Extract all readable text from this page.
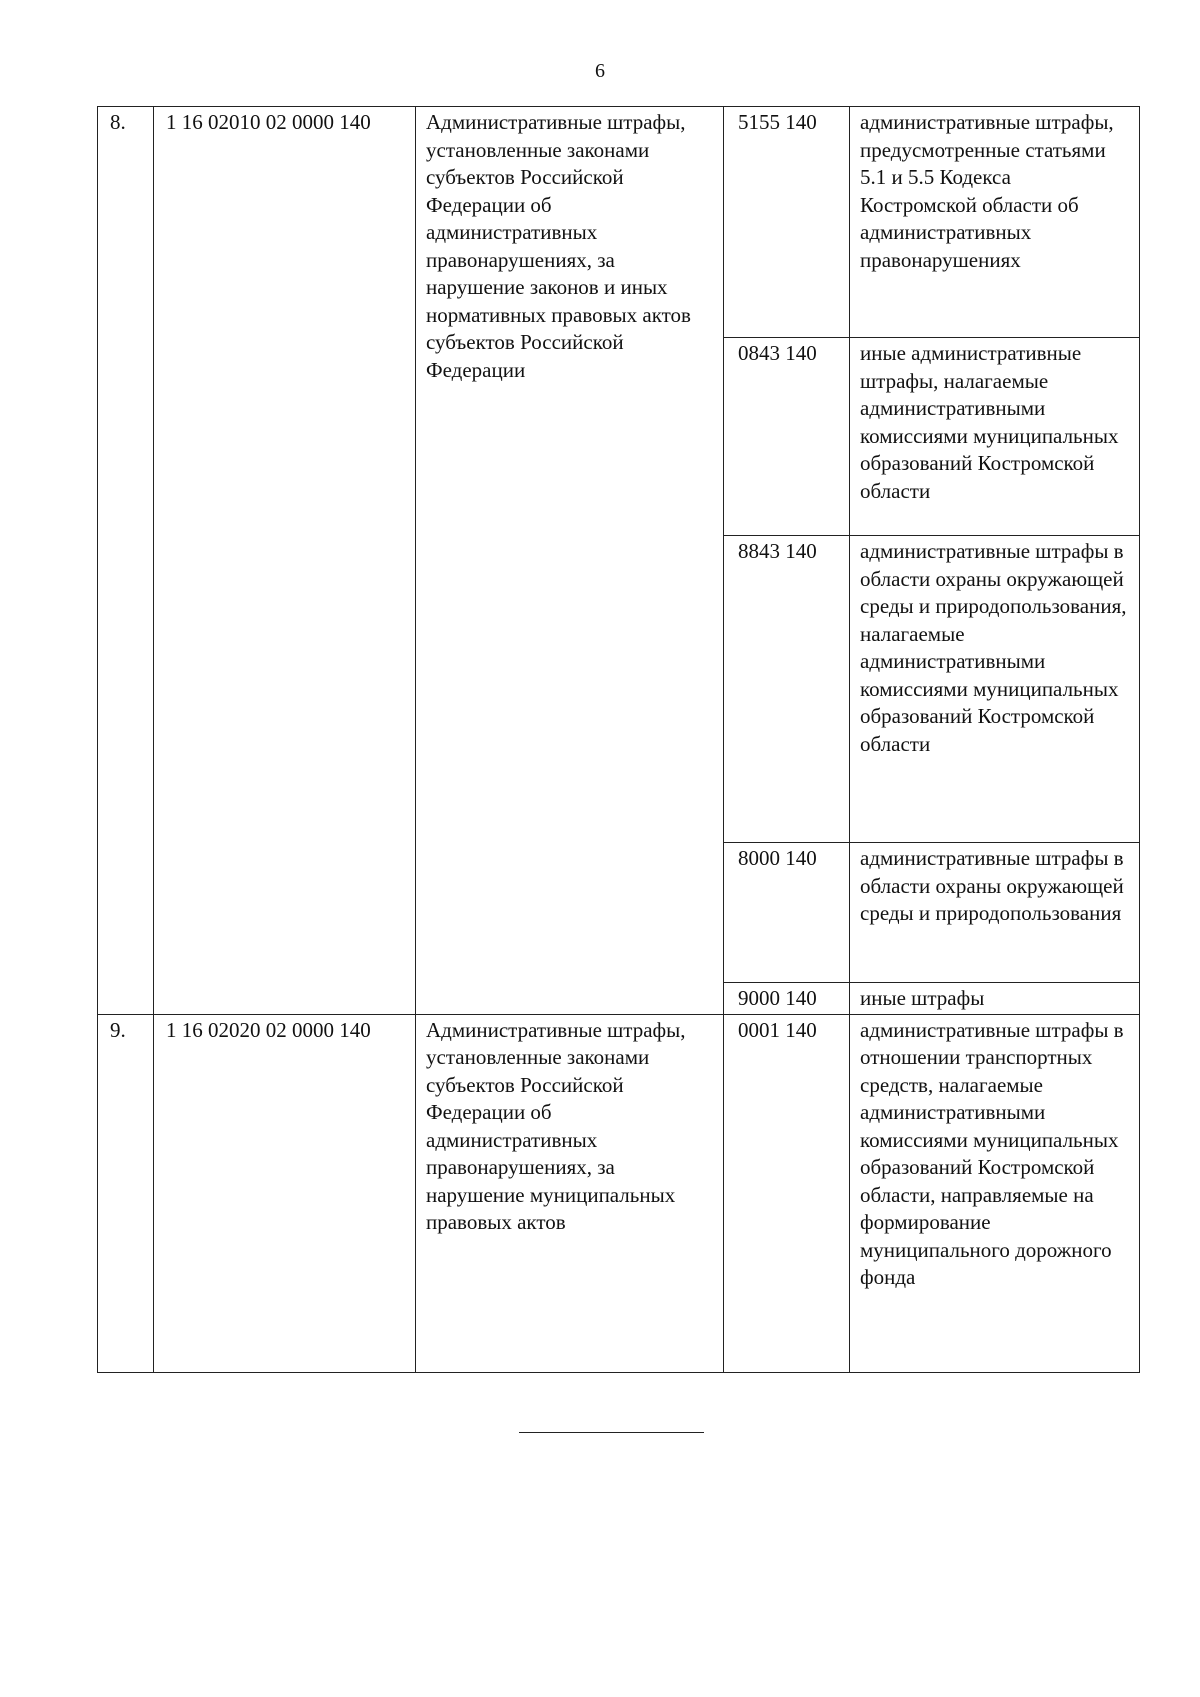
6
8.	1 16 02010 02 0000 140	Административные штрафы, установленные законами субъектов Российской Федерации об административных правонарушениях, за нарушение законов и иных нормативных правовых актов субъектов Российской Федерации	5155 140	административные штрафы, предусмотренные статьями 5.1 и 5.5 Кодекса Костромской области об административных правонарушениях
			0843 140	иные административные штрафы, налагаемые административными комиссиями муниципальных образований Костромской области
			8843 140	административные штрафы в области охраны окружающей среды и природопользования, налагаемые административными комиссиями муниципальных образований Костромской области
			8000 140	административные штрафы в области охраны окружающей среды и природопользования
			9000 140	иные штрафы
9.	1 16 02020 02 0000 140	Административные штрафы, установленные законами субъектов Российской Федерации об административных правонарушениях, за нарушение муниципальных правовых актов	0001 140	административные штрафы в отношении транспортных средств, налагаемые административными комиссиями муниципальных образований Костромской области, направляемые на формирование муниципального дорожного фонда
